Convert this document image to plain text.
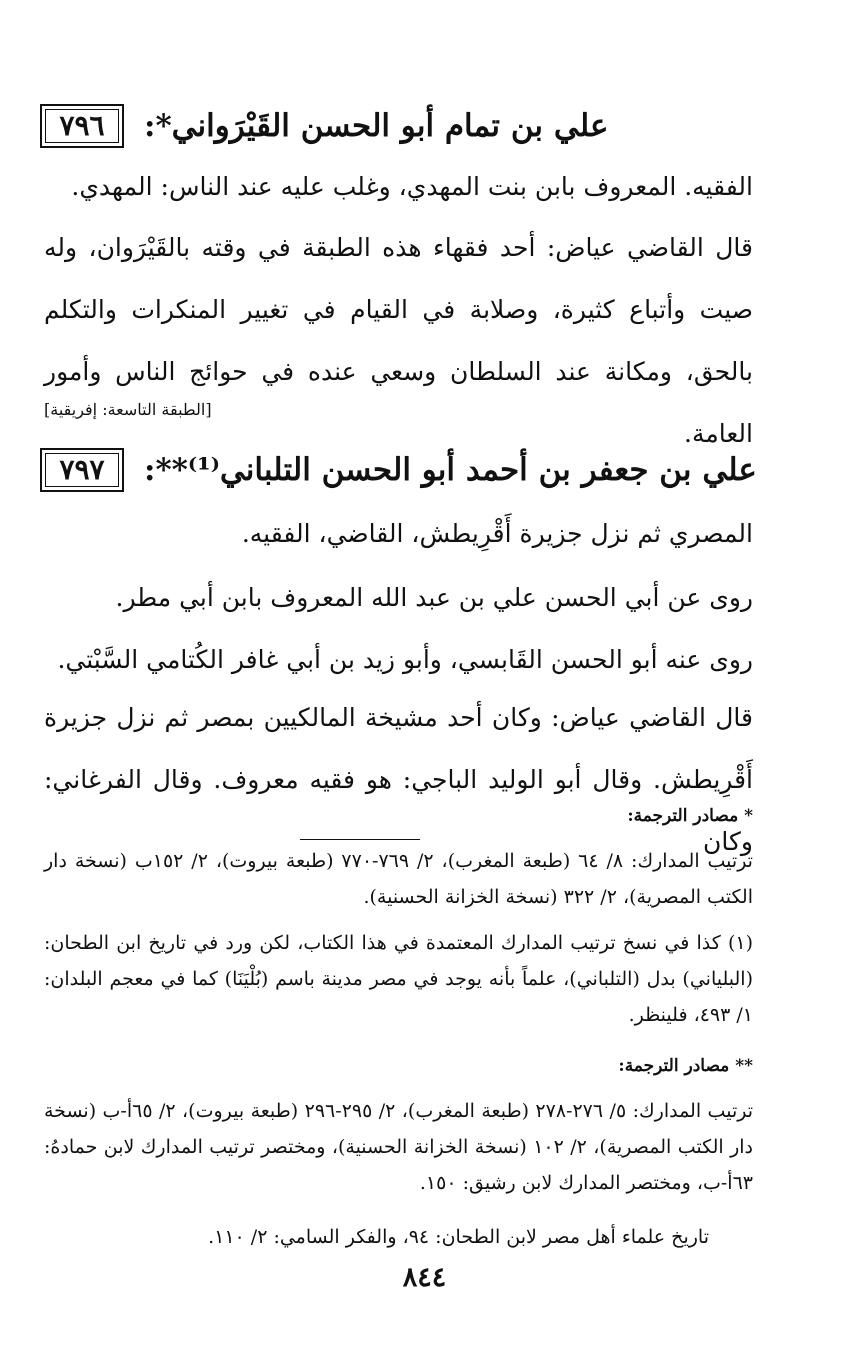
٧٩٦	علي بن تمام أبو الحسن القَيْرَواني*:
الفقيه. المعروف بابن بنت المهدي، وغلب عليه عند الناس: المهدي.
قال القاضي عياض: أحد فقهاء هذه الطبقة في وقته بالقَيْرَوان، وله صيت وأتباع كثيرة، وصلابة في القيام في تغيير المنكرات والتكلم بالحق، ومكانة عند السلطان وسعي عنده في حوائج الناس وأمور العامة.
[الطبقة التاسعة: إفريقية]
٧٩٧	علي بن جعفر بن أحمد أبو الحسن التلباني⁽¹⁾**:
المصري ثم نزل جزيرة أَقْرِيطش، القاضي، الفقيه.
روى عن أبي الحسن علي بن عبد الله المعروف بابن أبي مطر.
روى عنه أبو الحسن القَابسي، وأبو زيد بن أبي غافر الكُتامي السَّبْتي.
قال القاضي عياض: وكان أحد مشيخة المالكيين بمصر ثم نزل جزيرة أَقْرِيطش. وقال أبو الوليد الباجي: هو فقيه معروف. وقال الفرغاني: وكان
* مصادر الترجمة:
ترتيب المدارك: ٨/ ٦٤ (طبعة المغرب)، ٢/ ٧٦٩-٧٧٠ (طبعة بيروت)، ٢/ ١٥٢ب (نسخة دار الكتب المصرية)، ٢/ ٣٢٢ (نسخة الخزانة الحسنية).
(١) كذا في نسخ ترتيب المدارك المعتمدة في هذا الكتاب، لكن ورد في تاريخ ابن الطحان: (البلياني) بدل (التلباني)، علماً بأنه يوجد في مصر مدينة باسم (بُلْيَنَا) كما في معجم البلدان: ١/ ٤٩٣، فلينظر.
** مصادر الترجمة:
ترتيب المدارك: ٥/ ٢٧٦-٢٧٨ (طبعة المغرب)، ٢/ ٢٩٥-٢٩٦ (طبعة بيروت)، ٢/ ٦٥أ-ب (نسخة دار الكتب المصرية)، ٢/ ١٠٢ (نسخة الخزانة الحسنية)، ومختصر ترتيب المدارك لابن حمادهُ: ٦٣أ-ب، ومختصر المدارك لابن رشيق: ١٥٠.
تاريخ علماء أهل مصر لابن الطحان: ٩٤، والفكر السامي: ٢/ ١١٠.
٨٤٤
